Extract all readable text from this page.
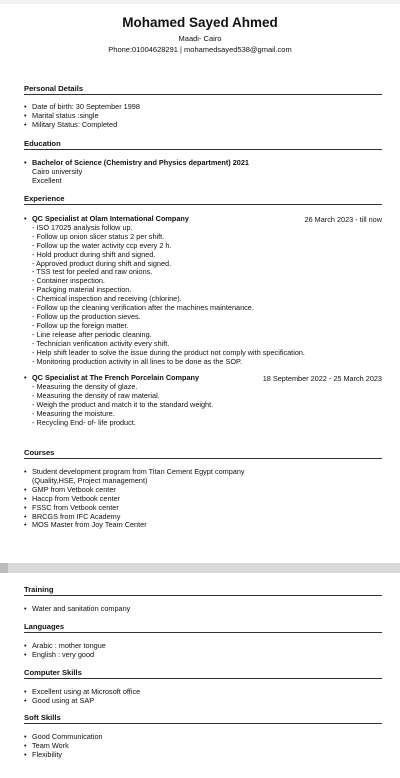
Mohamed Sayed Ahmed
Maadi- Cairo
Phone:01004628291 | mohamedsayed538@gmail.com
Personal Details
• Date of birth: 30 September 1998
• Marital status :single
• Military Status: Completed
Education
• Bachelor of Science (Chemistry and Physics department) 2021
Cairo university
Excellent
Experience
• QC Specialist at Olam International Company	26 March 2023 - till now
- ISO 17025 analysis follow up.
- Follow up onion slicer status 2 per shift.
- Follow up the water activity ccp every 2 h.
- Hold product during shift and signed.
- Approved product during shift and signed.
- TSS test for peeled and raw onions.
- Container inspection.
- Packging material inspection.
- Chemical inspection and receiving (chlorine).
- Follow up the cleaning verification after the machines maintenance.
- Follow up the production sieves.
- Follow up the foreign matter.
- Line release after periodic cleaning.
- Technician verification activity every shift.
- Help shift leader to solve the issue during the product not comply with specification.
- Monitoring production activity in all lines to be done as the SOP.
• QC Specialist at The French Porcelain Company	18 September 2022 - 25 March 2023
- Measuring the density of glaze.
- Measuring the density of raw material.
- Weigh the product and match it to the standard weight.
- Measuring the moisture.
- Recycling End- of- life product.
Courses
• Student development program from Titan Cement Egypt company
(Quality,HSE, Project management)
• GMP from Vetbook center
• Haccp from Vetbook center
• FSSC from Vetbook center
• BRCGS from IFC Academy
• MOS Master from Joy Team Center
Training
• Water and sanitation company
Languages
• Arabic : mother tongue
• English : very good
Computer Skills
• Excellent using at Microsoft office
• Good using at SAP
Soft Skills
• Good Communication
• Team Work
• Flexibility
